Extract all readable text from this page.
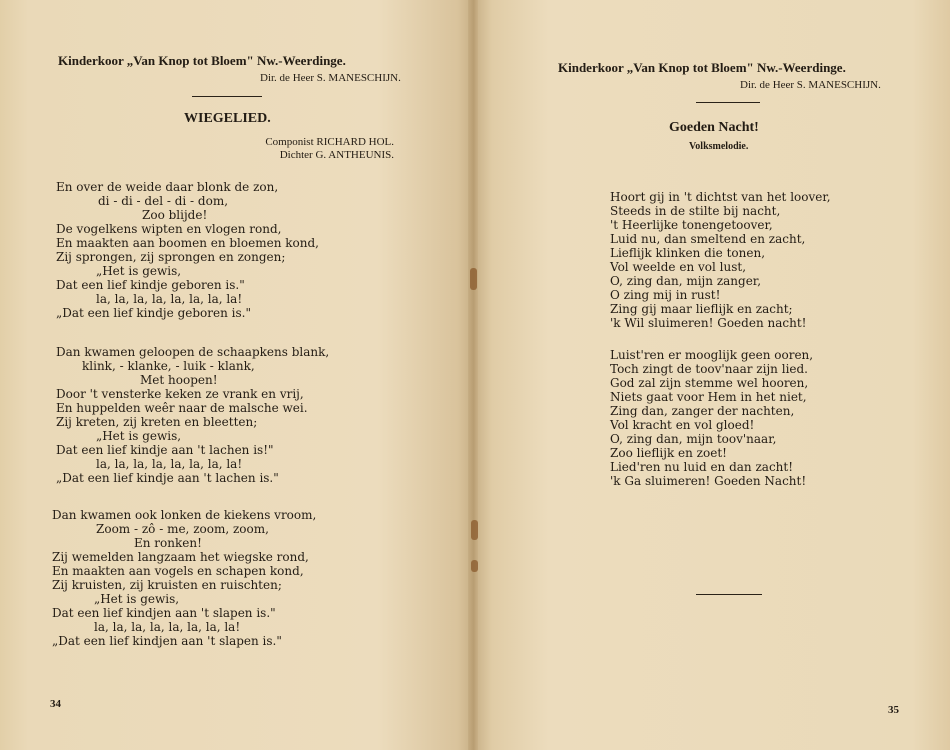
Kinderkoor „Van Knop tot Bloem" Nw.-Weerdinge.
Dir. de Heer S. MANESCHIJN.
WIEGELIED.
Componist RICHARD HOL.
Dichter G. ANTHEUNIS.
En over de weide daar blonk de zon,
di - di - del - di - dom,
Zoo blijde!
De vogelkens wipten en vlogen rond,
En maakten aan boomen en bloemen kond,
Zij sprongen, zij sprongen en zongen;
„Het is gewis,
Dat een lief kindje geboren is."
la, la, la, la, la, la, la, la!
„Dat een lief kindje geboren is."
Dan kwamen geloopen de schaapkens blank,
klink, - klanke, - luik - klank,
Met hoopen!
Door 't vensterke keken ze vrank en vrij,
En huppelden weêr naar de malsche wei.
Zij kreten, zij kreten en bleetten;
„Het is gewis,
Dat een lief kindje aan 't lachen is!"
la, la, la, la, la, la, la, la!
„Dat een lief kindje aan 't lachen is."
Dan kwamen ook lonken de kiekens vroom,
Zoom - zô - me, zoom, zoom,
En ronken!
Zij wemelden langzaam het wiegske rond,
En maakten aan vogels en schapen kond,
Zij kruisten, zij kruisten en ruischten;
„Het is gewis,
Dat een lief kindjen aan 't slapen is."
la, la, la, la, la, la, la, la!
„Dat een lief kindjen aan 't slapen is."
34
Kinderkoor „Van Knop tot Bloem" Nw.-Weerdinge.
Dir. de Heer S. MANESCHIJN.
Goeden Nacht!
Volksmelodie.
Hoort gij in 't dichtst van het loover,
Steeds in de stilte bij nacht,
't Heerlijke tonengetoover,
Luid nu, dan smeltend en zacht,
Lieflijk klinken die tonen,
Vol weelde en vol lust,
O, zing dan, mijn zanger,
O zing mij in rust!
Zing gij maar lieflijk en zacht;
'k Wil sluimeren! Goeden nacht!
Luist'ren er mooglijk geen ooren,
Toch zingt de toov'naar zijn lied.
God zal zijn stemme wel hooren,
Niets gaat voor Hem in het niet,
Zing dan, zanger der nachten,
Vol kracht en vol gloed!
O, zing dan, mijn toov'naar,
Zoo lieflijk en zoet!
Lied'ren nu luid en dan zacht!
'k Ga sluimeren! Goeden Nacht!
35
